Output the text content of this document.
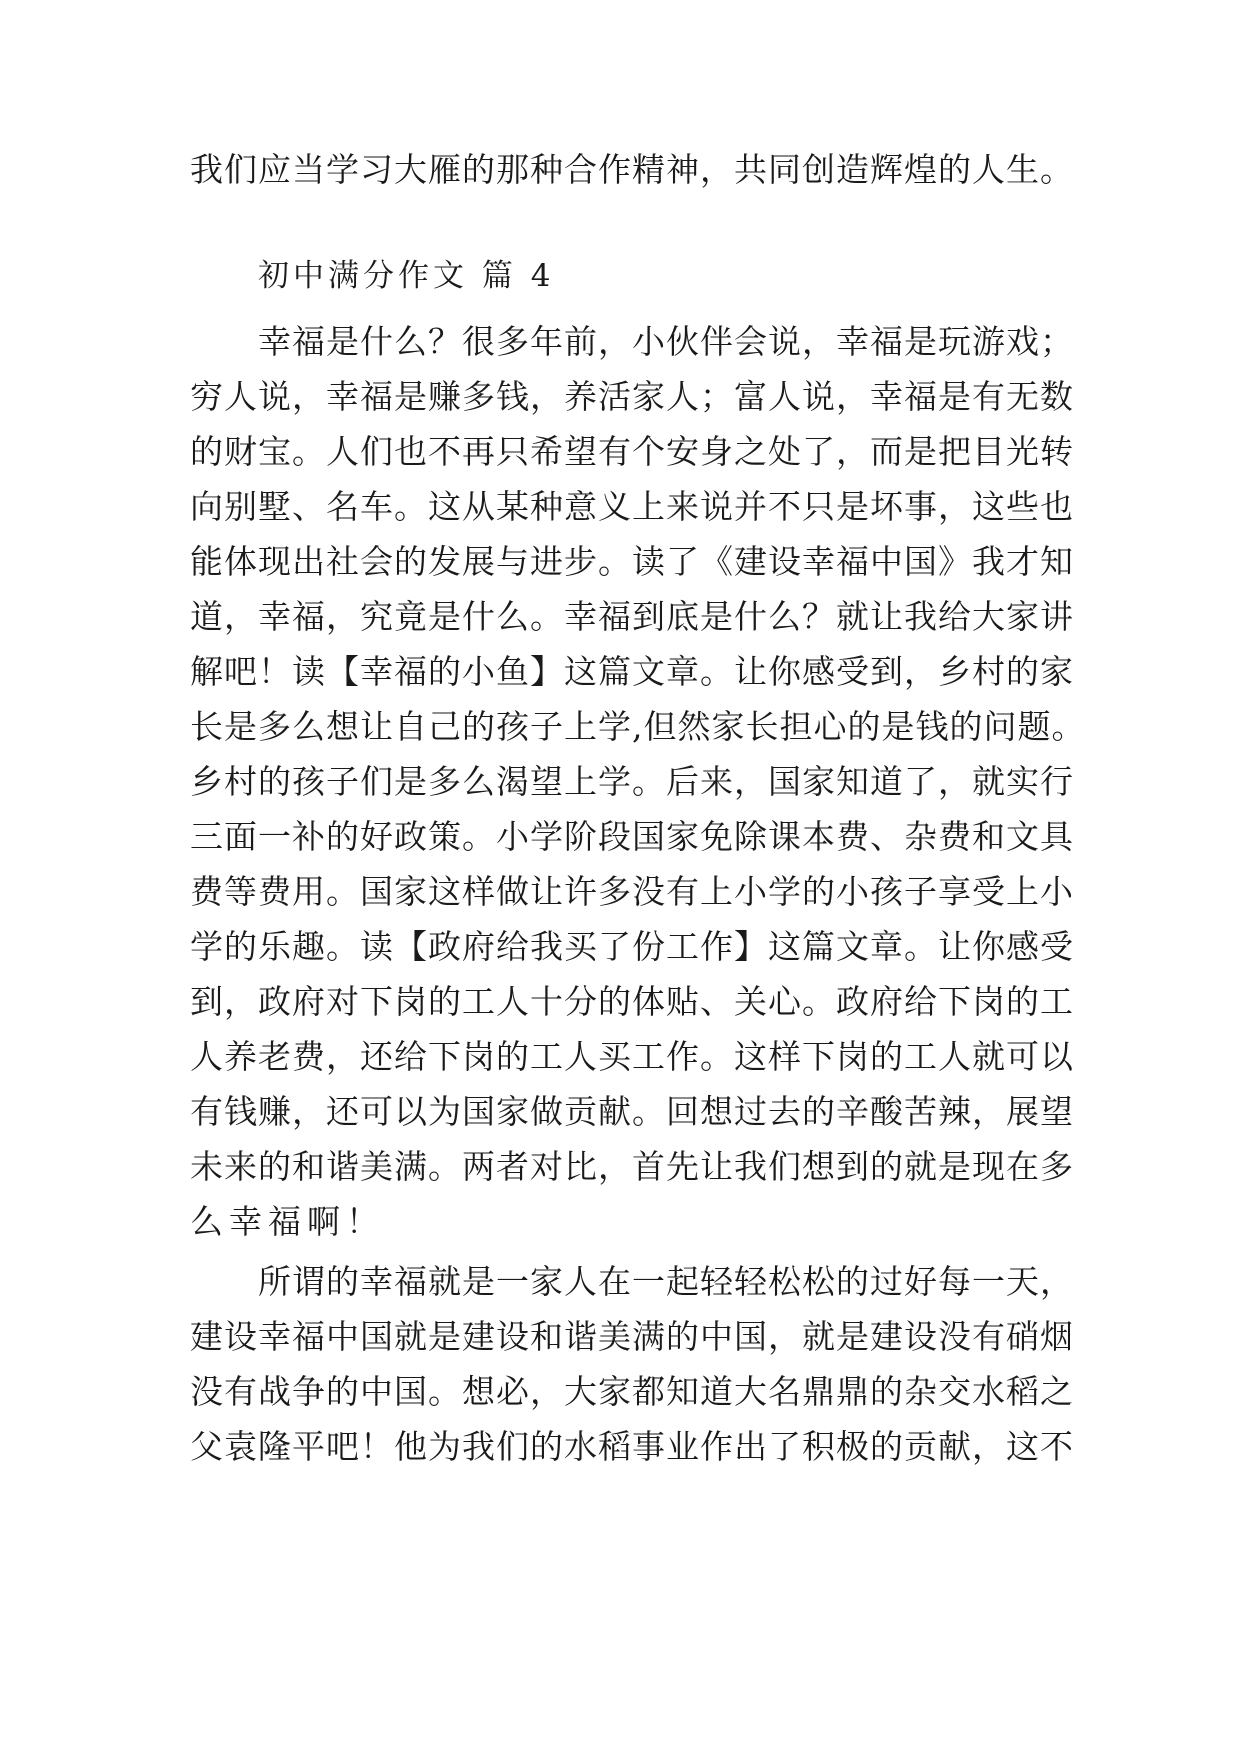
我们应当学习大雁的那种合作精神，共同创造辉煌的人生。
初中满分作文 篇 4
　　幸福是什么？很多年前，小伙伴会说，幸福是玩游戏；
穷人说，幸福是赚多钱，养活家人；富人说，幸福是有无数
的财宝。人们也不再只希望有个安身之处了，而是把目光转
向别墅、名车。这从某种意义上来说并不只是坏事，这些也
能体现出社会的发展与进步。读了《建设幸福中国》我才知
道，幸福，究竟是什么。幸福到底是什么？就让我给大家讲
解吧！读【幸福的小鱼】这篇文章。让你感受到，乡村的家
长是多么想让自己的孩子上学,但然家长担心的是钱的问题。
乡村的孩子们是多么渴望上学。后来，国家知道了，就实行
三面一补的好政策。小学阶段国家免除课本费、杂费和文具
费等费用。国家这样做让许多没有上小学的小孩子享受上小
学的乐趣。读【政府给我买了份工作】这篇文章。让你感受
到，政府对下岗的工人十分的体贴、关心。政府给下岗的工
人养老费，还给下岗的工人买工作。这样下岗的工人就可以
有钱赚，还可以为国家做贡献。回想过去的辛酸苦辣，展望
未来的和谐美满。两者对比，首先让我们想到的就是现在多
么幸福啊！
　　所谓的幸福就是一家人在一起轻轻松松的过好每一天，
建设幸福中国就是建设和谐美满的中国，就是建设没有硝烟
没有战争的中国。想必，大家都知道大名鼎鼎的杂交水稻之
父袁隆平吧！他为我们的水稻事业作出了积极的贡献，这不
